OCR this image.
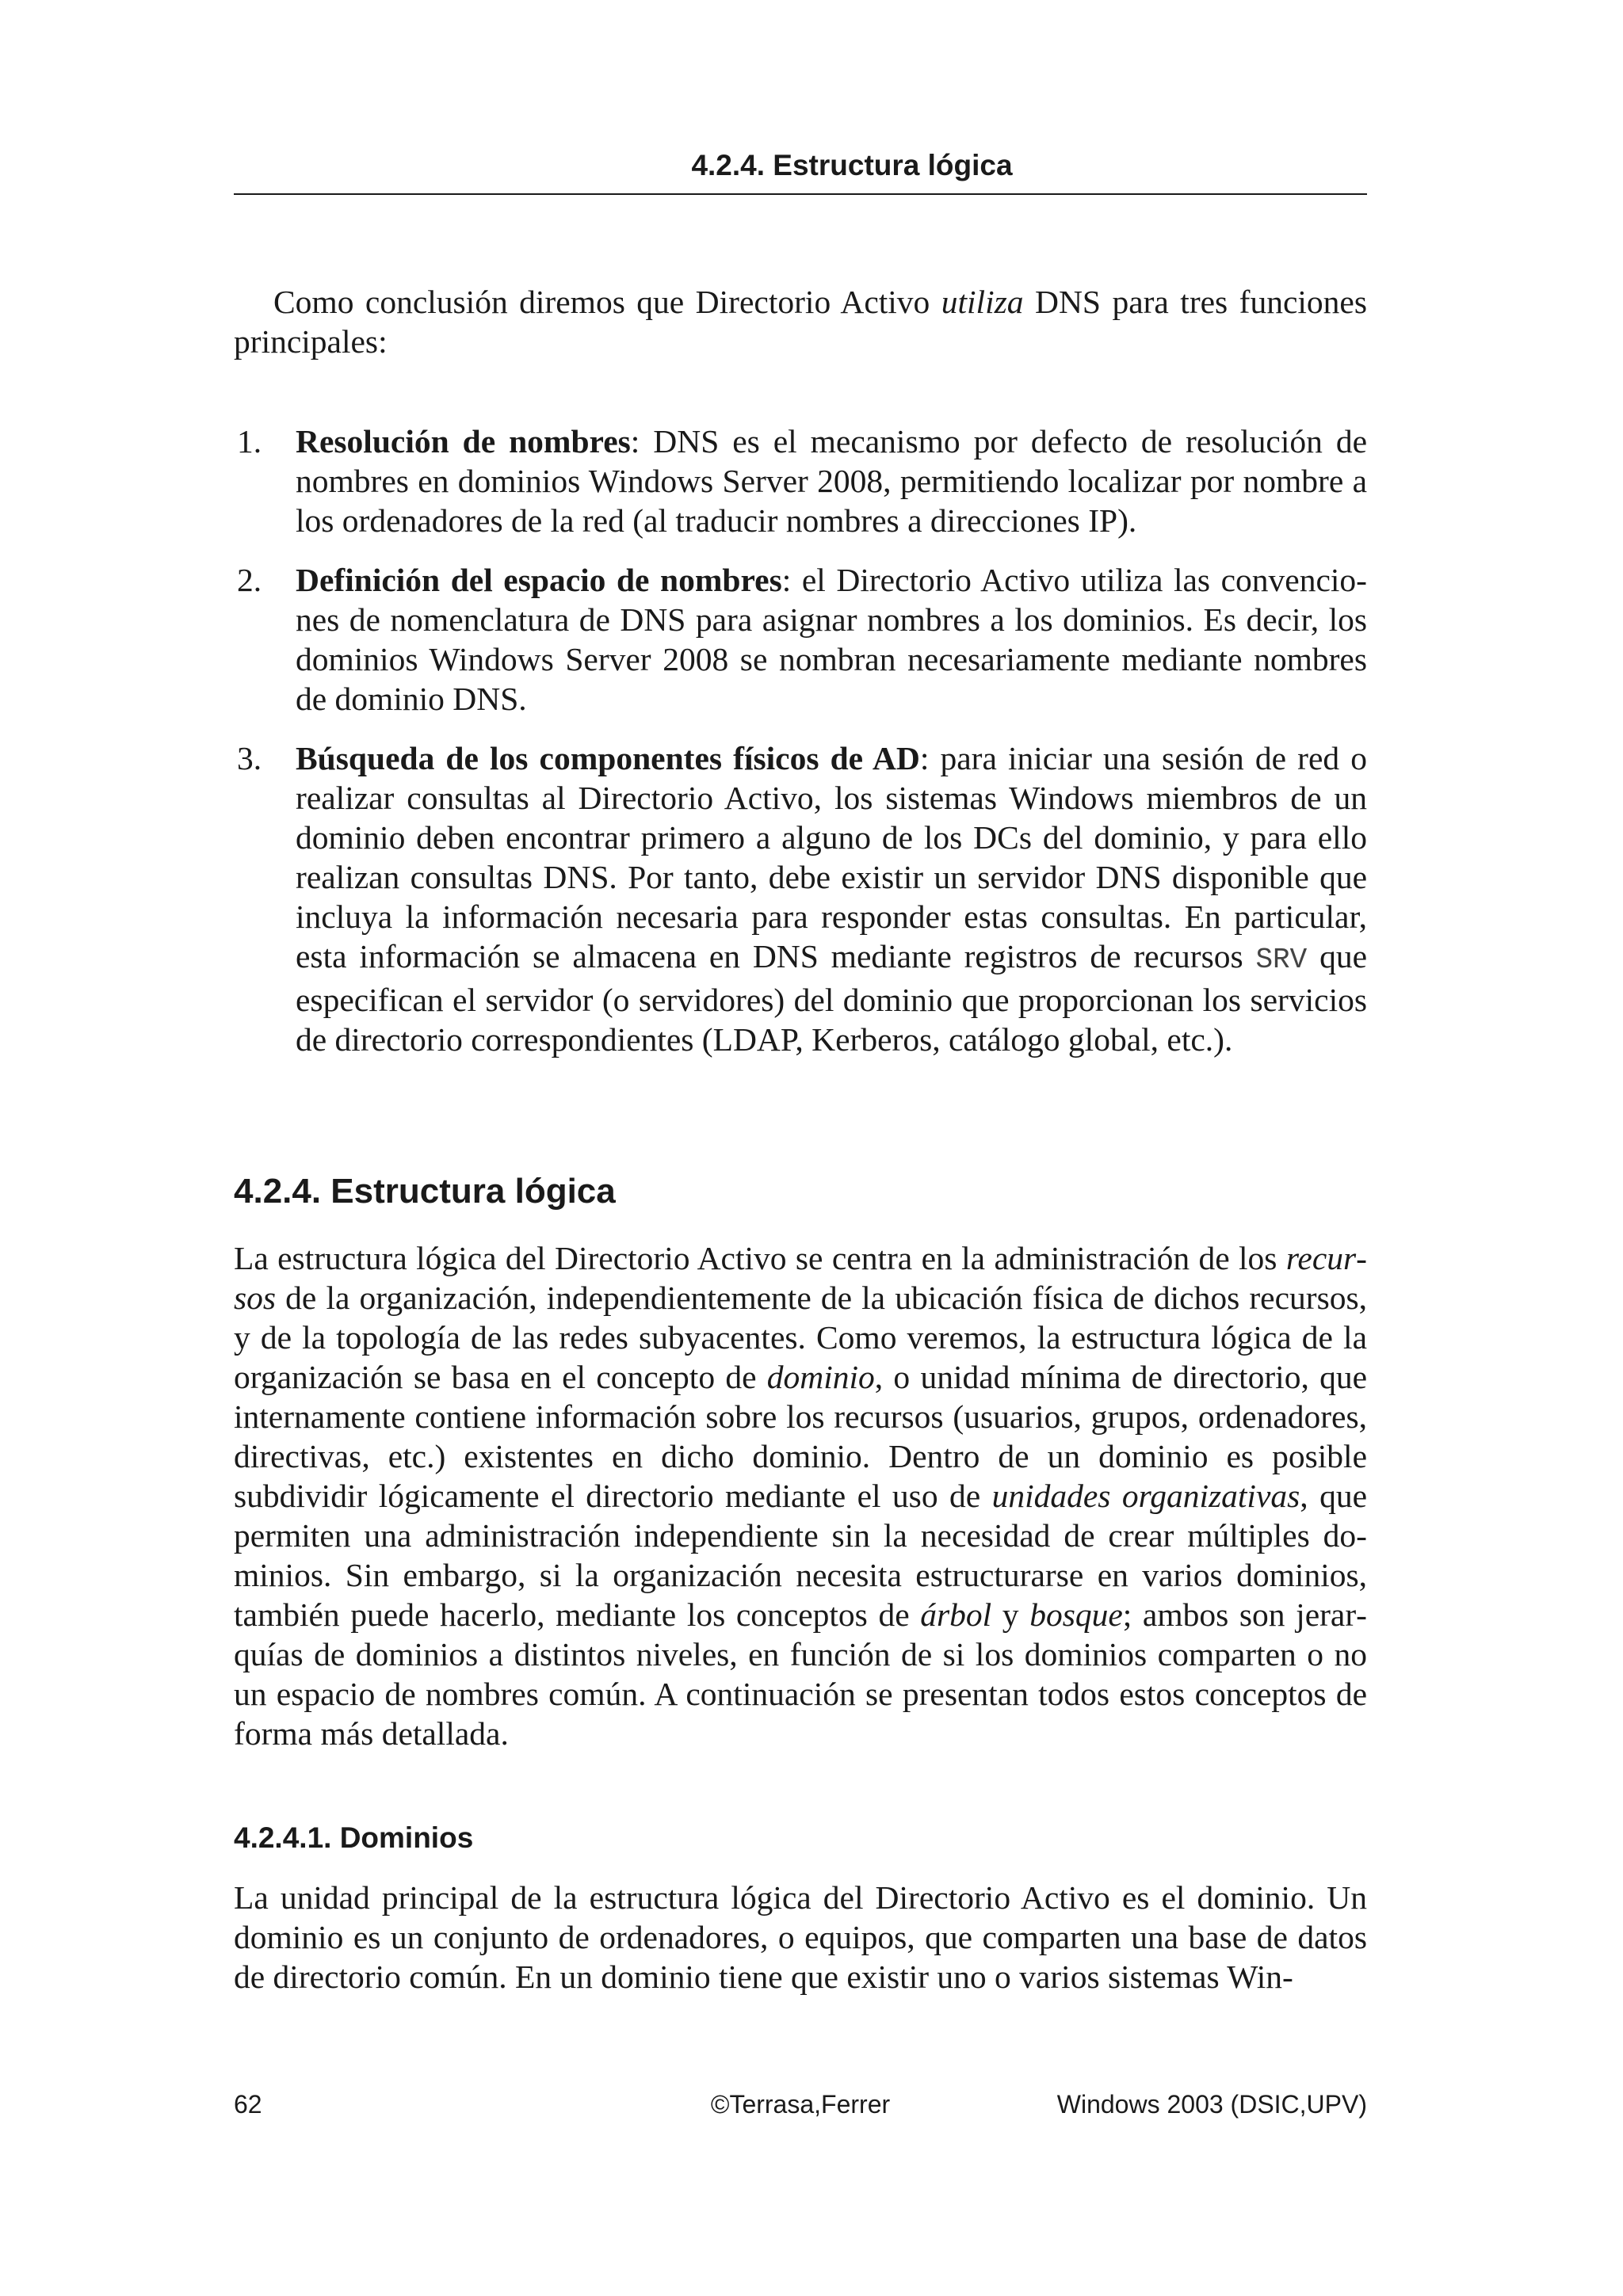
4.2.4. Estructura lógica

Como conclusión diremos que Directorio Activo utiliza DNS para tres funciones principales:

1. Resolución de nombres: DNS es el mecanismo por defecto de resolución de nombres en dominios Windows Server 2008, permitiendo localizar por nombre a los ordenadores de la red (al traducir nombres a direcciones IP).
2. Definición del espacio de nombres: el Directorio Activo utiliza las convenciones de nomenclatura de DNS para asignar nombres a los dominios. Es decir, los dominios Windows Server 2008 se nombran necesariamente mediante nombres de dominio DNS.
3. Búsqueda de los componentes físicos de AD: para iniciar una sesión de red o realizar consultas al Directorio Activo, los sistemas Windows miembros de un dominio deben encontrar primero a alguno de los DCs del dominio, y para ello realizan consultas DNS. Por tanto, debe existir un servidor DNS disponible que incluya la información necesaria para responder estas consultas. En particular, esta información se almacena en DNS mediante registros de recursos SRV que especifican el servidor (o servidores) del dominio que proporcionan los servicios de directorio correspondientes (LDAP, Kerberos, catálogo global, etc.).
4.2.4. Estructura lógica

La estructura lógica del Directorio Activo se centra en la administración de los recursos de la organización, independientemente de la ubicación física de dichos recursos, y de la topología de las redes subyacentes. Como veremos, la estructura lógica de la organización se basa en el concepto de dominio, o unidad mínima de directorio, que internamente contiene información sobre los recursos (usuarios, grupos, ordenadores, directivas, etc.) existentes en dicho dominio. Dentro de un dominio es posible subdividir lógicamente el directorio mediante el uso de unidades organizativas, que permiten una administración independiente sin la necesidad de crear múltiples dominios. Sin embargo, si la organización necesita estructurarse en varios dominios, también puede hacerlo, mediante los conceptos de árbol y bosque; ambos son jerarquías de dominios a distintos niveles, en función de si los dominios comparten o no un espacio de nombres común. A continuación se presentan todos estos conceptos de forma más detallada.

4.2.4.1. Dominios

La unidad principal de la estructura lógica del Directorio Activo es el dominio. Un dominio es un conjunto de ordenadores, o equipos, que comparten una base de datos de directorio común. En un dominio tiene que existir uno o varios sistemas Win-

62	©Terrasa,Ferrer	Windows 2003 (DSIC,UPV)
